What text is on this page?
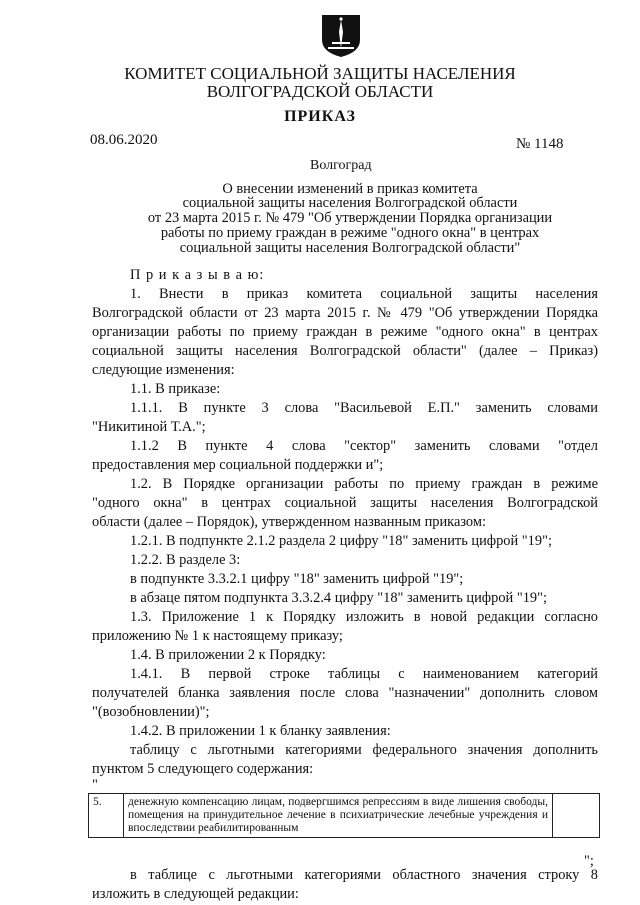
КОМИТЕТ СОЦИАЛЬНОЙ ЗАЩИТЫ НАСЕЛЕНИЯ
ВОЛГОГРАДСКОЙ ОБЛАСТИ
ПРИКАЗ
08.06.2020	№ 1148
Волгоград
О внесении изменений в приказ комитета
социальной защиты населения Волгоградской области
от 23 марта 2015 г. № 479 "Об утверждении Порядка организации
работы по приему граждан в режиме "одного окна" в центрах
социальной защиты населения Волгоградской области"
П р и к а з ы в а ю:
1. Внести в приказ комитета социальной защиты населения
Волгоградской области от 23 марта 2015 г. № 479 "Об утверждении Порядка
организации работы по приему граждан в режиме "одного окна" в центрах
социальной защиты населения Волгоградской области" (далее – Приказ)
следующие изменения:
1.1. В приказе:
1.1.1. В пункте 3 слова "Васильевой Е.П." заменить словами
"Никитиной Т.А.";
1.1.2 В пункте 4 слова "сектор" заменить словами "отдел
предоставления мер социальной поддержки и";
1.2. В Порядке организации работы по приему граждан в режиме
"одного окна" в центрах социальной защиты населения Волгоградской
области (далее – Порядок), утвержденном названным приказом:
1.2.1. В подпункте 2.1.2 раздела 2 цифру "18" заменить цифрой "19";
1.2.2. В разделе 3:
в подпункте 3.3.2.1 цифру "18" заменить цифрой "19";
в абзаце пятом подпункта 3.3.2.4 цифру "18" заменить цифрой "19";
1.3. Приложение 1 к Порядку изложить в новой редакции согласно
приложению № 1 к настоящему приказу;
1.4. В приложении 2 к Порядку:
1.4.1. В первой строке таблицы с наименованием категорий
получателей бланка заявления после слова "назначении" дополнить словом
"(возобновлении)";
1.4.2. В приложении 1 к бланку заявления:
таблицу с льготными категориями федерального значения дополнить
пунктом 5 следующего содержания:
"
5.	денежную компенсацию лицам, подвергшимся репрессиям в виде лишения свободы, помещения на принудительное лечение в психиатрические лечебные учреждения и впоследствии реабилитированным	
";
в таблице с льготными категориями областного значения строку 8
изложить в следующей редакции:
